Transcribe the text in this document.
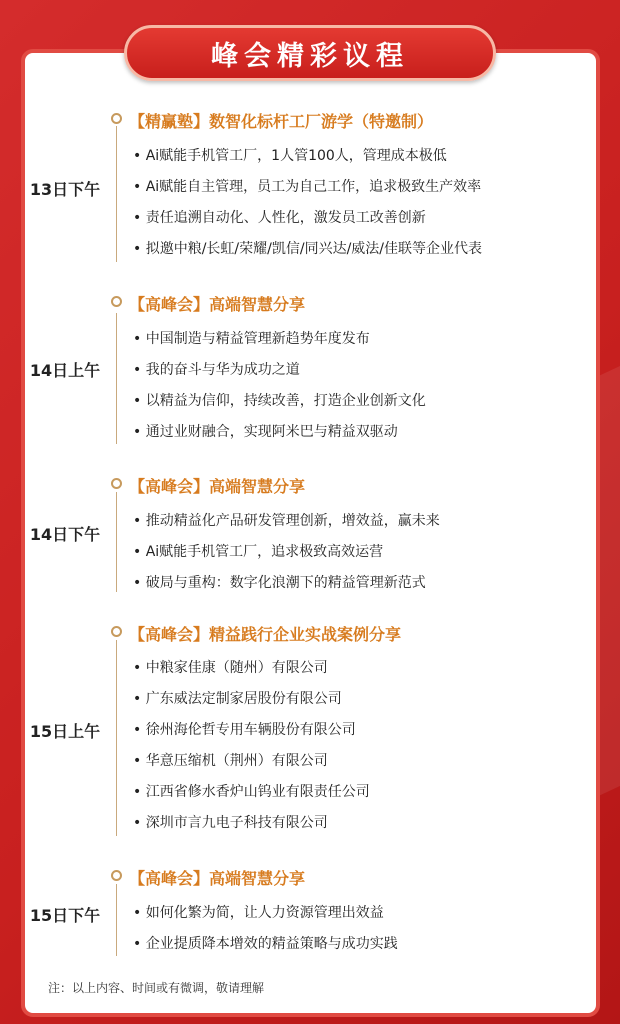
峰会精彩议程
13日下午
【精赢塾】数智化标杆工厂游学（特邀制）
• Ai赋能手机管工厂，1人管100人，管理成本极低
• Ai赋能自主管理，员工为自己工作，追求极致生产效率
• 责任追溯自动化、人性化，激发员工改善创新
• 拟邀中粮/长虹/荣耀/凯信/同兴达/威法/佳联等企业代表
14日上午
【高峰会】高端智慧分享
• 中国制造与精益管理新趋势年度发布
• 我的奋斗与华为成功之道
• 以精益为信仰，持续改善，打造企业创新文化
• 通过业财融合，实现阿米巴与精益双驱动
14日下午
【高峰会】高端智慧分享
• 推动精益化产品研发管理创新，增效益，赢未来
• Ai赋能手机管工厂，追求极致高效运营
• 破局与重构：数字化浪潮下的精益管理新范式
15日上午
【高峰会】精益践行企业实战案例分享
• 中粮家佳康（随州）有限公司
• 广东威法定制家居股份有限公司
• 徐州海伦哲专用车辆股份有限公司
• 华意压缩机（荆州）有限公司
• 江西省修水香炉山钨业有限责任公司
• 深圳市言九电子科技有限公司
15日下午
【高峰会】高端智慧分享
• 如何化繁为简，让人力资源管理出效益
• 企业提质降本增效的精益策略与成功实践
注：以上内容、时间或有微调，敬请理解
